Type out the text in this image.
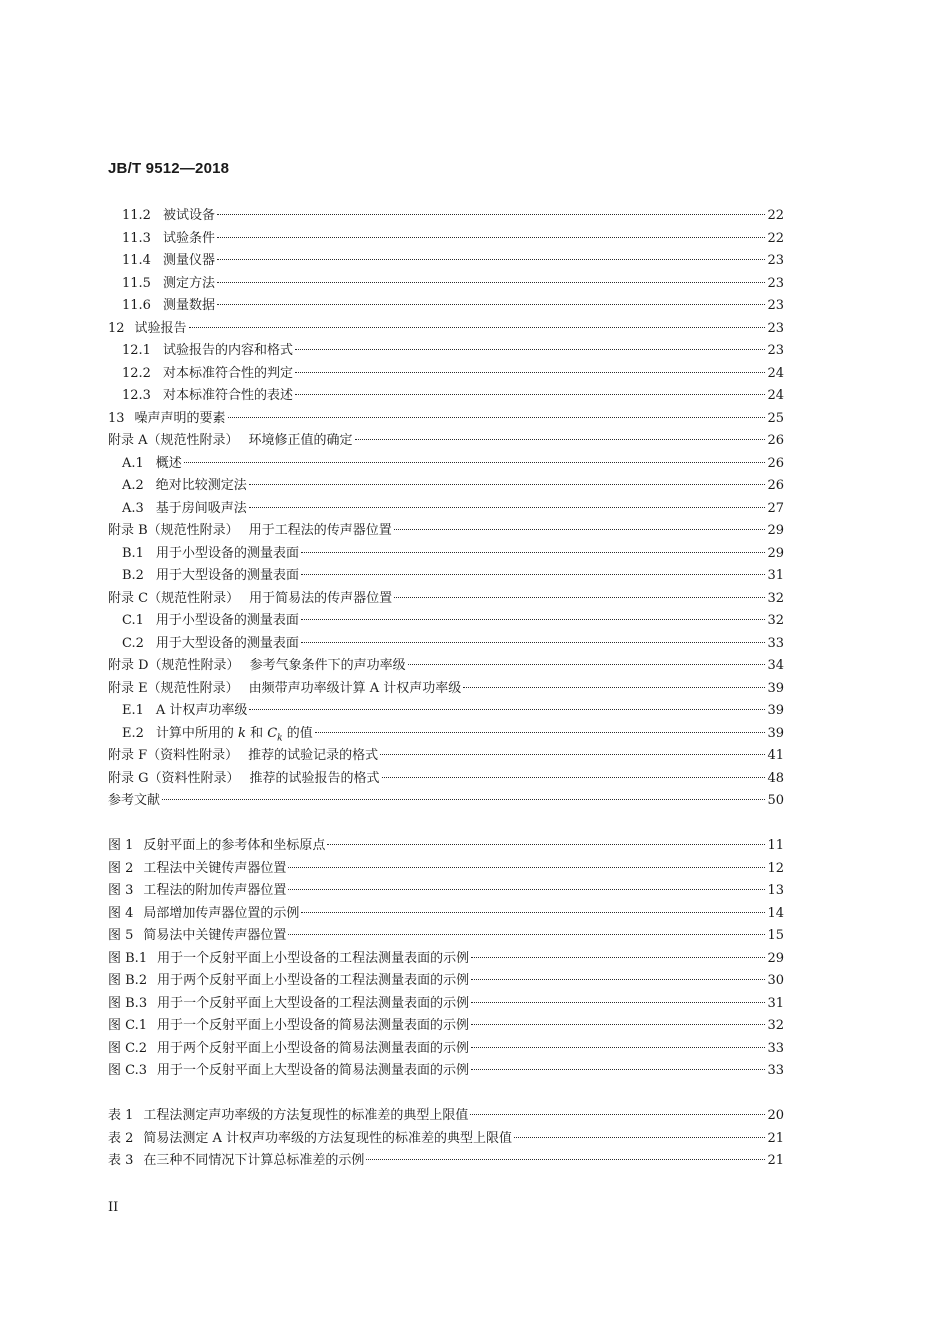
JB/T 9512—2018
11.2 被试设备	22
11.3 试验条件	22
11.4 测量仪器	23
11.5 测定方法	23
11.6 测量数据	23
12 试验报告	23
12.1 试验报告的内容和格式	23
12.2 对本标准符合性的判定	24
12.3 对本标准符合性的表述	24
13 噪声声明的要素	25
附录 A（规范性附录） 环境修正值的确定	26
A.1 概述	26
A.2 绝对比较测定法	26
A.3 基于房间吸声法	27
附录 B（规范性附录） 用于工程法的传声器位置	29
B.1 用于小型设备的测量表面	29
B.2 用于大型设备的测量表面	31
附录 C（规范性附录） 用于简易法的传声器位置	32
C.1 用于小型设备的测量表面	32
C.2 用于大型设备的测量表面	33
附录 D（规范性附录） 参考气象条件下的声功率级	34
附录 E（规范性附录） 由频带声功率级计算 A 计权声功率级	39
E.1 A 计权声功率级	39
E.2 计算中所用的 k 和 $C_k$ 的值	39
附录 F（资料性附录） 推荐的试验记录的格式	41
附录 G（资料性附录） 推荐的试验报告的格式	48
参考文献	50
图 1 反射平面上的参考体和坐标原点	11
图 2 工程法中关键传声器位置	12
图 3 工程法的附加传声器位置	13
图 4 局部增加传声器位置的示例	14
图 5 简易法中关键传声器位置	15
图 B.1 用于一个反射平面上小型设备的工程法测量表面的示例	29
图 B.2 用于两个反射平面上小型设备的工程法测量表面的示例	30
图 B.3 用于一个反射平面上大型设备的工程法测量表面的示例	31
图 C.1 用于一个反射平面上小型设备的简易法测量表面的示例	32
图 C.2 用于两个反射平面上小型设备的简易法测量表面的示例	33
图 C.3 用于一个反射平面上大型设备的简易法测量表面的示例	33
表 1 工程法测定声功率级的方法复现性的标准差的典型上限值	20
表 2 简易法测定 A 计权声功率级的方法复现性的标准差的典型上限值	21
表 3 在三种不同情况下计算总标准差的示例	21
II
